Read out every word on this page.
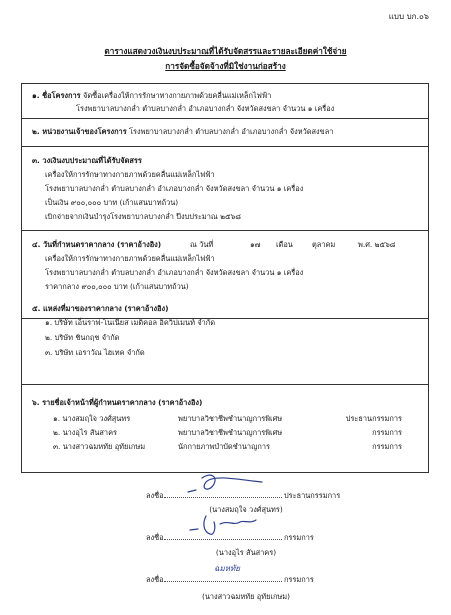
แบบ บก.๐๖
ตารางแสดงวงเงินงบประมาณที่ได้รับจัดสรรและรายละเอียดค่าใช้จ่าย
การจัดซื้อจัดจ้างที่มิใช่งานก่อสร้าง
๑. ชื่อโครงการ จัดซื้อเครื่องให้การรักษาทางกายภาพด้วยคลื่นแม่เหล็กไฟฟ้า
โรงพยาบาลบางกล่ำ ตำบลบางกล่ำ อำเภอบางกล่ำ จังหวัดสงขลา จำนวน ๑ เครื่อง
๒. หน่วยงานเจ้าของโครงการ โรงพยาบาลบางกล่ำ ตำบลบางกล่ำ อำเภอบางกล่ำ จังหวัดสงขลา
๓. วงเงินงบประมาณที่ได้รับจัดสรร
เครื่องให้การรักษาทางกายภาพด้วยคลื่นแม่เหล็กไฟฟ้า
โรงพยาบาลบางกล่ำ ตำบลบางกล่ำ อำเภอบางกล่ำ จังหวัดสงขลา จำนวน ๑ เครื่อง
เป็นเงิน ๙๐๐,๐๐๐ บาท (เก้าแสนบาทถ้วน)
เบิกจ่ายจากเงินบำรุงโรงพยาบาลบางกล่ำ ปีงบประมาณ ๒๕๖๘
๔. วันที่กำหนดราคากลาง (ราคาอ้างอิง)	ณ วันที่	๑๗ เดือน	ตุลาคม	พ.ศ. ๒๕๖๘
เครื่องให้การรักษาทางกายภาพด้วยคลื่นแม่เหล็กไฟฟ้า
โรงพยาบาลบางกล่ำ ตำบลบางกล่ำ อำเภอบางกล่ำ จังหวัดสงขลา จำนวน ๑ เครื่อง
ราคากลาง ๙๐๐,๐๐๐ บาท (เก้าแสนบาทถ้วน)
๕. แหล่งที่มาของราคากลาง (ราคาอ้างอิง)
๑. บริษัท เอ็นราฟ-โนเนียส เมดิคอล อิควิปเมนท์ จำกัด
๒. บริษัท ชินกฤช จำกัด
๓. บริษัท เอราวัณ ไฮเทค จำกัด
๖. รายชื่อเจ้าหน้าที่ผู้กำหนดราคากลาง (ราคาอ้างอิง)
๑. นางสมฤใจ วงศ์สุนทร	พยาบาลวิชาชีพชำนาญการพิเศษ	ประธานกรรมการ
๒. นางอุไร สันสาคร	พยาบาลวิชาชีพชำนาญการพิเศษ	กรรมการ
๓. นางสาวฉมหทัย อุทัยเกษม	นักกายภาพบำบัดชำนาญการ	กรรมการ
ลงชื่อ	ประธานกรรมการ
(นางสมฤใจ วงศ์สุนทร)
ลงชื่อ	กรรมการ
(นางอุไร สันสาคร)
ลงชื่อ	กรรมการ
ฉมหทัย
(นางสาวฉมหทัย อุทัยเกษม)
